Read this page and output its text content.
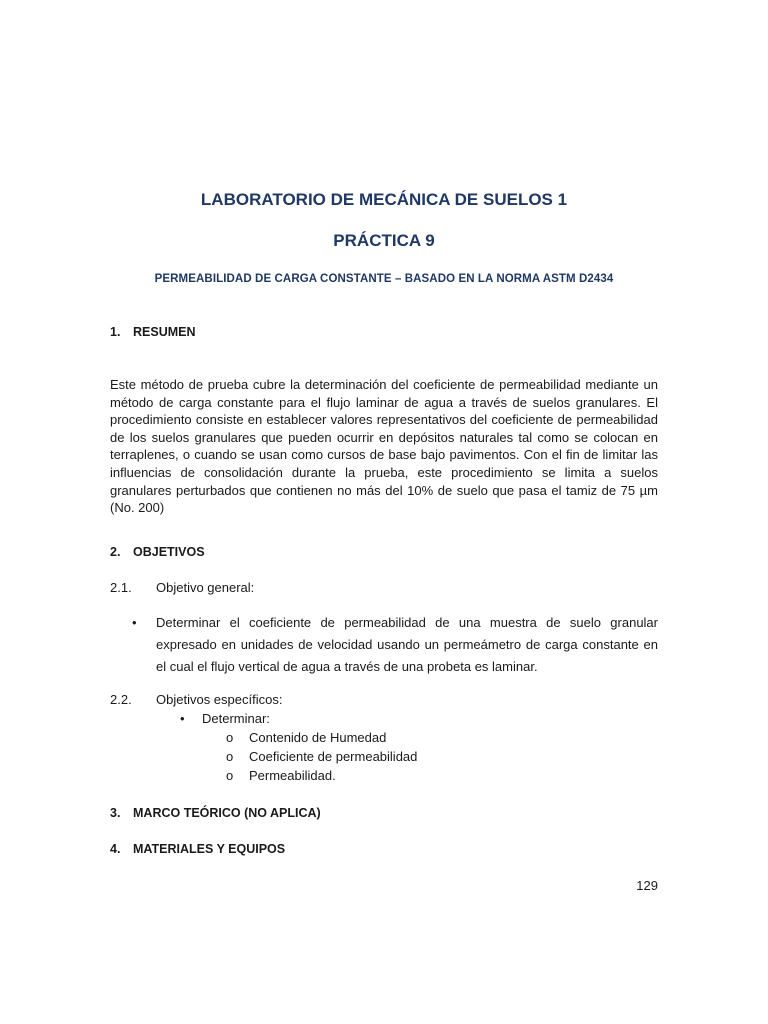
LABORATORIO DE MECÁNICA DE SUELOS 1
PRÁCTICA 9
PERMEABILIDAD DE CARGA CONSTANTE – BASADO EN LA NORMA ASTM D2434
1. RESUMEN
Este método de prueba cubre la determinación del coeficiente de permeabilidad mediante un método de carga constante para el flujo laminar de agua a través de suelos granulares. El procedimiento consiste en establecer valores representativos del coeficiente de permeabilidad de los suelos granulares que pueden ocurrir en depósitos naturales tal como se colocan en terraplenes, o cuando se usan como cursos de base bajo pavimentos. Con el fin de limitar las influencias de consolidación durante la prueba, este procedimiento se limita a suelos granulares perturbados que contienen no más del 10% de suelo que pasa el tamiz de 75 µm (No. 200)
2. OBJETIVOS
2.1. Objetivo general:
• Determinar el coeficiente de permeabilidad de una muestra de suelo granular expresado en unidades de velocidad usando un permeámetro de carga constante en el cual el flujo vertical de agua a través de una probeta es laminar.
2.2. Objetivos específicos:
• Determinar:
o Contenido de Humedad
o Coeficiente de permeabilidad
o Permeabilidad.
3. MARCO TEÓRICO (NO APLICA)
4. MATERIALES Y EQUIPOS
129
